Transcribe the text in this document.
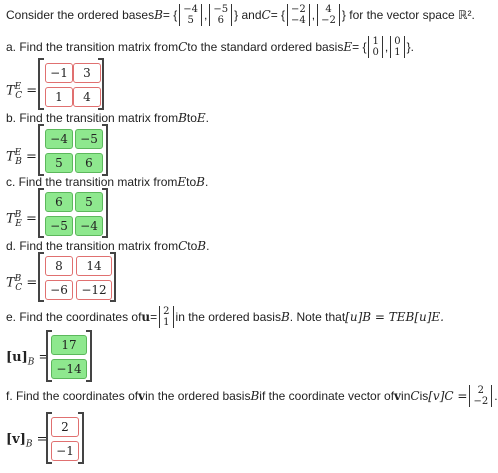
Consider the ordered bases B = { −4
5 , −5
6 } and C = { −2
−4 , 4
−2 } for the vector space ℝ².
a. Find the transition matrix from C to the standard ordered basis E = { 1
0 , 0
1 }.
$T^E_C$ =
−1	3
1	4
b. Find the transition matrix from B to E .
$T^E_B$ =
−4	−5
5	6
c. Find the transition matrix from E to B .
$T^B_E$ =
6	5
−5	−4
d. Find the transition matrix from C to B .
$T^B_C$ =
8	14
−6	−12
e. Find the coordinates of u = 2
1 in the ordered basis B . Note that [u]B = TEB[u]E.
$[u]_B$ =
17
−14
f. Find the coordinates of v in the ordered basis B if the coordinate vector of v in C is [v]C = 2
−2 .
$[v]_B$ =
2
−1
